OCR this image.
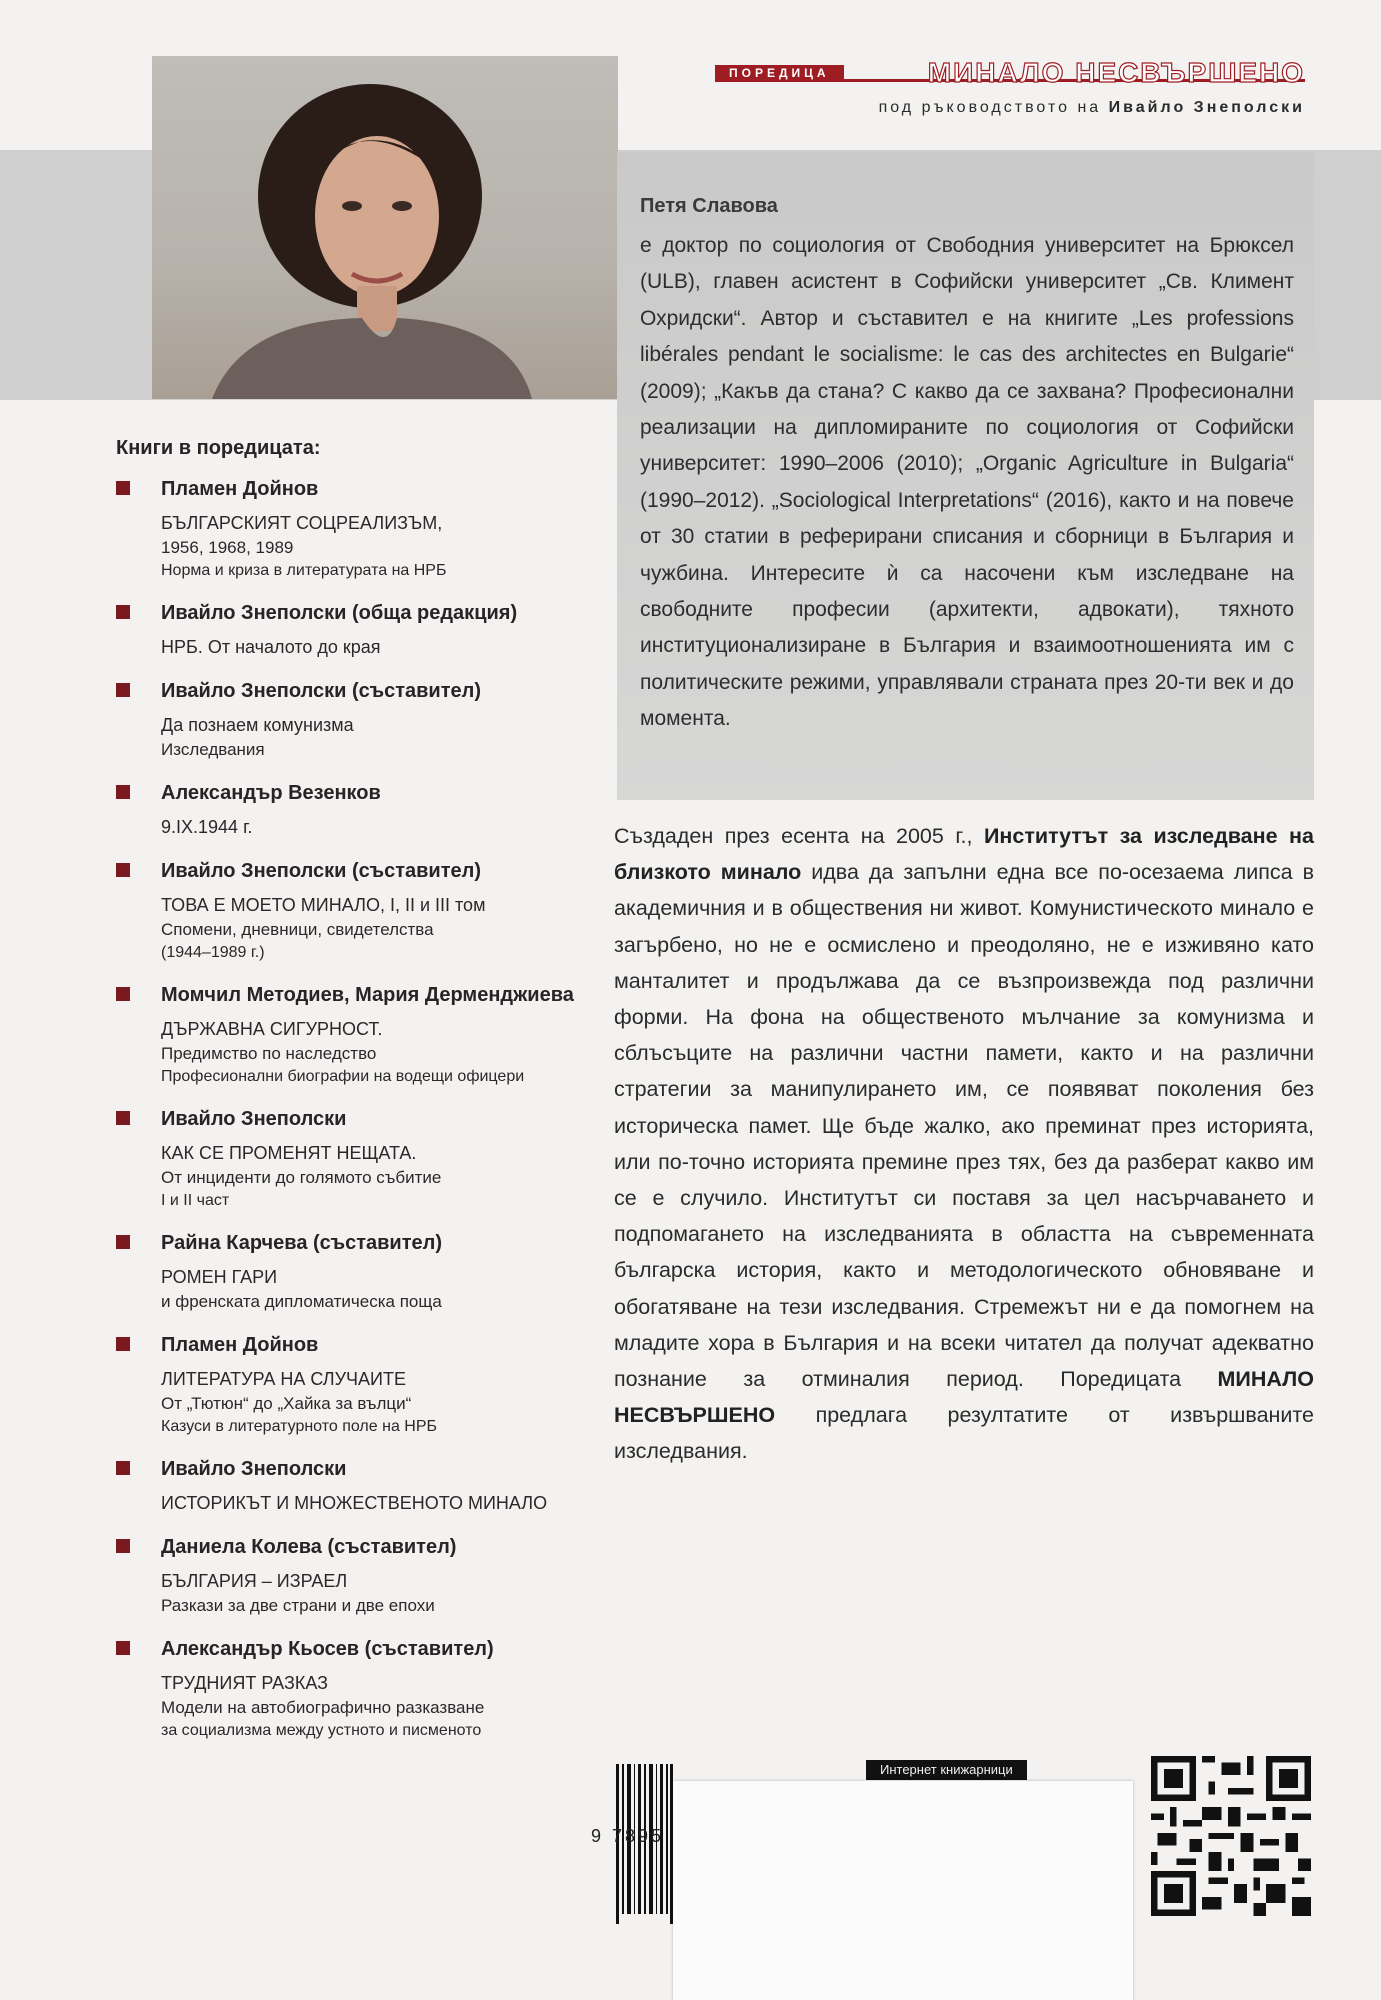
ПОРЕДИЦА	МИНАЛО НЕСВЪРШЕНО
под ръководството на Ивайло Знеполски
Петя Славова
е доктор по социология от Свободния университет на Брюксел (ULB), главен асистент в Софийски университет „Св. Климент Охридски“. Автор и съставител е на книгите „Les professions libérales pendant le socialisme: le cas des architectes en Bulgarie“ (2009); „Какъв да стана? С какво да се захвана? Професионални реализации на дипломираните по социология от Софийски университет: 1990–2006 (2010); „Organic Agriculture in Bulgaria“ (1990–2012). „Sociological Interpretations“ (2016), както и на повече от 30 статии в реферирани списания и сборници в България и чужбина. Интересите ѝ са насочени към изследване на свободните професии (архитекти, адвокати), тяхното институционализиране в България и взаимоотношенията им с политическите режими, управлявали страната през 20-ти век и до момента.
Книги в поредицата:
Пламен Дойнов
БЪЛГАРСКИЯТ СОЦРЕАЛИЗЪМ,
1956, 1968, 1989
Норма и криза в литературата на НРБ
Ивайло Знеполски (обща редакция)
НРБ. От началото до края
Ивайло Знеполски (съставител)
Да познаем комунизма
Изследвания
Александър Везенков
9.IX.1944 г.
Ивайло Знеполски (съставител)
ТОВА Е МОЕТО МИНАЛО, I, II и III том
Спомени, дневници, свидетелства
(1944–1989 г.)
Момчил Методиев, Мария Дерменджиева
ДЪРЖАВНА СИГУРНОСТ.
Предимство по наследство
Професионални биографии на водещи офицери
Ивайло Знеполски
КАК СЕ ПРОМЕНЯТ НЕЩАТА.
От инциденти до голямото събитие
I и II част
Райна Карчева (съставител)
РОМЕН ГАРИ
и френската дипломатическа поща
Пламен Дойнов
ЛИТЕРАТУРА НА СЛУЧАИТЕ
От „Тютюн“ до „Хайка за вълци“
Казуси в литературното поле на НРБ
Ивайло Знеполски
ИСТОРИКЪТ И МНОЖЕСТВЕНОТО МИНАЛО
Даниела Колева (съставител)
БЪЛГАРИЯ – ИЗРАЕЛ
Разкази за две страни и две епохи
Александър Кьосев (съставител)
ТРУДНИЯТ РАЗКАЗ
Модели на автобиографично разказване
за социализма между устното и писменото
Създаден през есента на 2005 г., Институтът за изследване на близкото минало идва да запълни една все по-осезаема липса в академичния и в обществения ни живот. Комунистическото минало е загърбено, но не е осмислено и преодоляно, не е изживяно като манталитет и продължава да се възпроизвежда под различни форми. На фона на общественото мълчание за комунизма и сблъсъците на различни частни памети, както и на различни стратегии за манипулирането им, се появяват поколения без историческа памет. Ще бъде жалко, ако преминат през историята, или по-точно историята премине през тях, без да разберат какво им се е случило. Институтът си поставя за цел насърчаването и подпомагането на изследванията в областта на съвременната българска история, както и методологическото обновяване и обогатяване на тези изследвания. Стремежът ни е да помогнем на младите хора в България и на всеки читател да получат адекватно познание за отминалия период. Поредицата МИНАЛО НЕСВЪРШЕНО предлага резултатите от извършваните изследвания.
9 7895
Интернет книжарници
